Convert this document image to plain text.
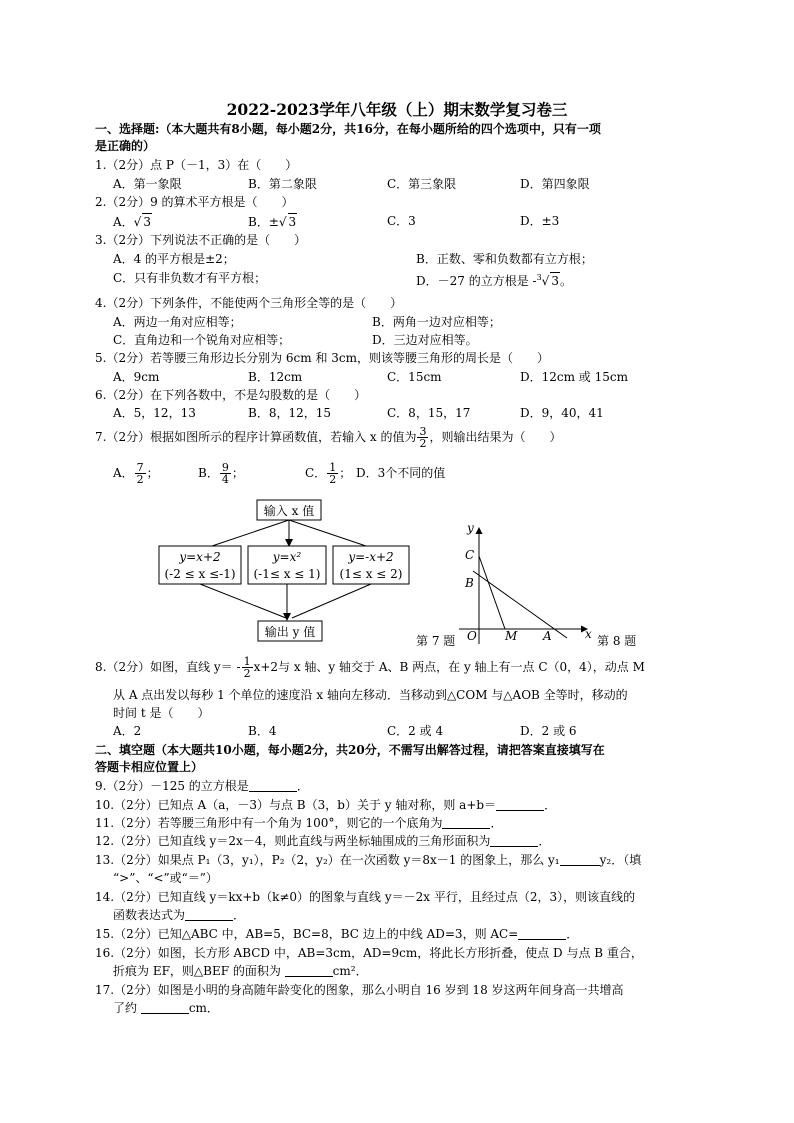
2022-2023学年八年级（上）期末数学复习卷三
一、选择题:（本大题共有8小题，每小题2分，共16分，在每小题所给的四个选项中，只有一项
是正确的）
1.（2分）点 P（－1，3）在（　　）
A．第一象限	B．第二象限	C．第三象限	D．第四象限
2.（2分）9 的算术平方根是（　　）
A．√ 3	B．±√ 3	C．3	D．±3
3.（2分）下列说法不正确的是（　　）
A．4 的平方根是±2；	B．正数、零和负数都有立方根；
C．只有非负数才有平方根；	D．－27 的立方根是 -$^3$√ 3。
4.（2分）下列条件，不能使两个三角形全等的是（　　）
A．两边一角对应相等；	B．两角一边对应相等；
C．直角边和一个锐角对应相等；	D．三边对应相等。
5.（2分）若等腰三角形边长分别为 6cm 和 3cm，则该等腰三角形的周长是（　　）
A．9cm	B．12cm	C．15cm	D．12cm 或 15cm
6.（2分）在下列各数中，不是勾股数的是（　　）
A．5，12，13	B．8，12，15	C．8，15，17	D．9，40，41
7.（2分）根据如图所示的程序计算函数值，若输入 x 的值为 $\frac{3}{2}$ ，则输出结果为（　　）
A． $\frac{7}{2}$ ；	B． $\frac{9}{4}$ ；	C． $\frac{1}{2}$ ； D．3个不同的值
输入 x 值
y=x+2
(-2 ≤ x ≤-1)
y=x²
(-1≤ x ≤ 1)
y=-x+2
(1≤ x ≤ 2)
输出 y 值
y
x
C
B
O M A
第 7 题	第 8 题
8.（2分）如图，直线 $y= - \frac{1}{2} x+2$与 x 轴、y 轴交于 A、B 两点，在 y 轴上有一点 C（0，4），动点 M
从 A 点出发以每秒 1 个单位的速度沿 x 轴向左移动．当移动到△COM 与△AOB 全等时，移动的
时间 t 是（　　）
A．2	B．4	C．2 或 4	D．2 或 6
二、填空题（本大题共10小题，每小题2分，共20分，不需写出解答过程，请把答案直接填写在
答题卡相应位置上）
9.（2分）－125 的立方根是	．
10.（2分）已知点 A（a，－3）与点 B（3，b）关于 y 轴对称，则 a+b＝	．
11.（2分）若等腰三角形中有一个角为 100°，则它的一个底角为	．
12.（2分）已知直线 y＝2x－4，则此直线与两坐标轴围成的三角形面积为	．
13.（2分）如果点 P₁（3，y₁），P₂（2，y₂）在一次函数 y＝8x－1 的图象上，那么 y₁	y₂．（填
“>”、“<”或“＝”）
14.（2分）已知直线 y＝kx+b（k≠0）的图象与直线 y＝－2x 平行，且经过点（2，3），则该直线的
函数表达式为	．
15.（2分）已知△ABC 中，AB=5，BC=8，BC 边上的中线 AD=3，则 AC=	．
16.（2分）如图，长方形 ABCD 中，AB=3cm，AD=9cm，将此长方形折叠，使点 D 与点 B 重合，
折痕为 EF，则△BEF 的面积为	cm²．
17.（2分）如图是小明的身高随年龄变化的图象，那么小明自 16 岁到 18 岁这两年间身高一共增高
了约	cm．
